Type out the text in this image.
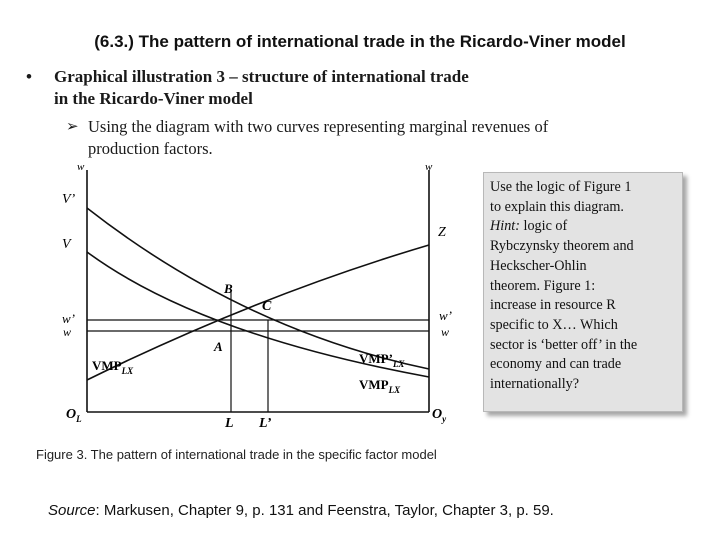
(6.3.) The pattern of international trade in the Ricardo-Viner model
•	Graphical illustration 3 – structure of international trade
in the Ricardo-Viner model
➢ Using the diagram with two curves representing marginal revenues of
production factors.
w
V’
V
w
Z
B
C
A
w’
w
w’
w
$VMP_{LX}$
$VMP’_{LX}$
$VMP_{LX}$
$O_L$	$O_y$
L L’
Use the logic of Figure 1
to explain this diagram.
Hint: logic of
Rybczynsky theorem and
Heckscher-Ohlin
theorem. Figure 1:
increase in resource R
specific to X… Which
sector is ‘better off’ in the
economy and can trade
internationally?
Figure 3. The pattern of international trade in the specific factor model
Source: Markusen, Chapter 9, p. 131 and Feenstra, Taylor, Chapter 3, p. 59.
